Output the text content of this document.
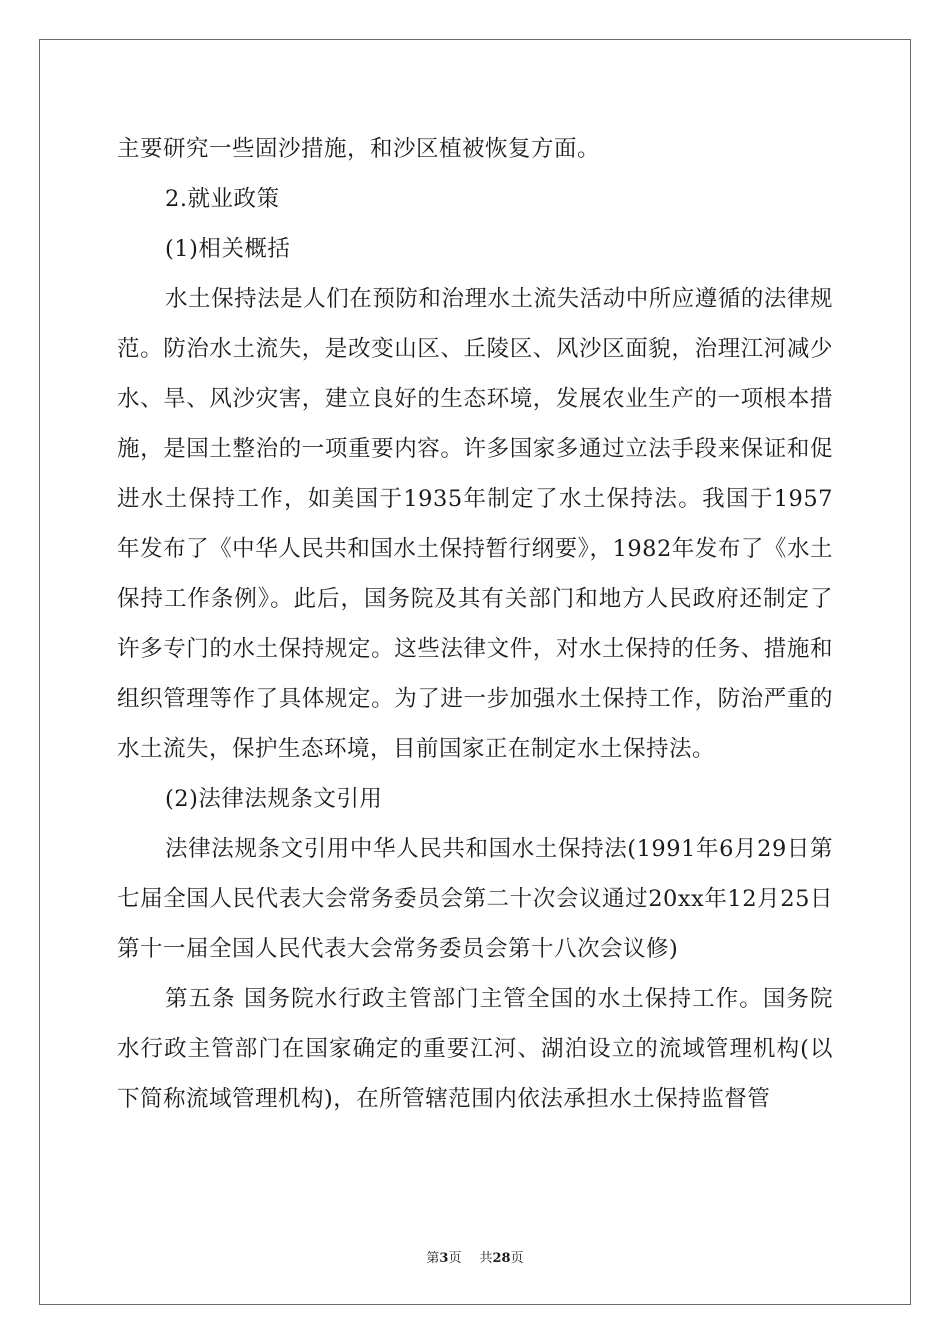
主要研究一些固沙措施，和沙区植被恢复方面。

2.就业政策

(1)相关概括

水土保持法是人们在预防和治理水土流失活动中所应遵循的法律规范。防治水土流失，是改变山区、丘陵区、风沙区面貌，治理江河减少水、旱、风沙灾害，建立良好的生态环境，发展农业生产的一项根本措施，是国土整治的一项重要内容。许多国家多通过立法手段来保证和促进水土保持工作，如美国于1935年制定了水土保持法。我国于1957年发布了《中华人民共和国水土保持暂行纲要》，1982年发布了《水土保持工作条例》。此后，国务院及其有关部门和地方人民政府还制定了许多专门的水土保持规定。这些法律文件，对水土保持的任务、措施和组织管理等作了具体规定。为了进一步加强水土保持工作，防治严重的水土流失，保护生态环境，目前国家正在制定水土保持法。

(2)法律法规条文引用

法律法规条文引用中华人民共和国水土保持法(1991年6月29日第七届全国人民代表大会常务委员会第二十次会议通过20xx年12月25日第十一届全国人民代表大会常务委员会第十八次会议修)

第五条 国务院水行政主管部门主管全国的水土保持工作。国务院水行政主管部门在国家确定的重要江河、湖泊设立的流域管理机构(以下简称流域管理机构)，在所管辖范围内依法承担水土保持监督管

第3页 共28页
